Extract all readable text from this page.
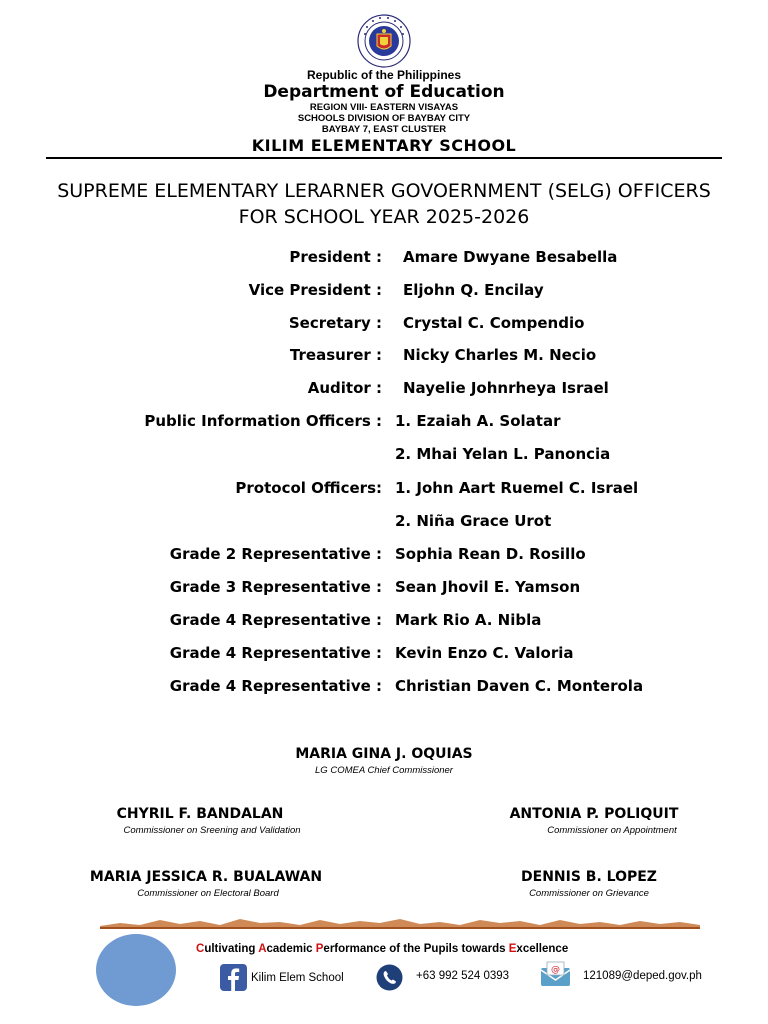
Republic of the Philippines
Department of Education
REGION VIII- EASTERN VISAYAS
SCHOOLS DIVISION OF BAYBAY CITY
BAYBAY 7, EAST CLUSTER
KILIM ELEMENTARY SCHOOL
SUPREME ELEMENTARY LERARNER GOVOERNMENT (SELG) OFFICERS
FOR SCHOOL YEAR 2025-2026
President : Amare Dwyane Besabella
Vice President : Eljohn Q. Encilay
Secretary : Crystal C. Compendio
Treasurer : Nicky Charles M. Necio
Auditor : Nayelie Johnrheya Israel
Public Information Officers : 1. Ezaiah A. Solatar
2. Mhai Yelan L. Panoncia
Protocol Officers: 1. John Aart Ruemel C. Israel
2. Niña Grace Urot
Grade 2 Representative : Sophia Rean D. Rosillo
Grade 3 Representative : Sean Jhovil E. Yamson
Grade 4 Representative : Mark Rio A. Nibla
Grade 4 Representative : Kevin Enzo C. Valoria
Grade 4 Representative : Christian Daven C. Monterola
MARIA GINA J. OQUIAS
LG COMEA Chief Commissioner
CHYRIL F. BANDALAN
Commissioner on Sreening and Validation
ANTONIA P. POLIQUIT
Commissioner on Appointment
MARIA JESSICA R. BUALAWAN
Commissioner on Electoral Board
DENNIS B. LOPEZ
Commissioner on Grievance
Cultivating Academic Performance of the Pupils towards Excellence
Kilim Elem School	+63 992 524 0393	@ 121089@deped.gov.ph
